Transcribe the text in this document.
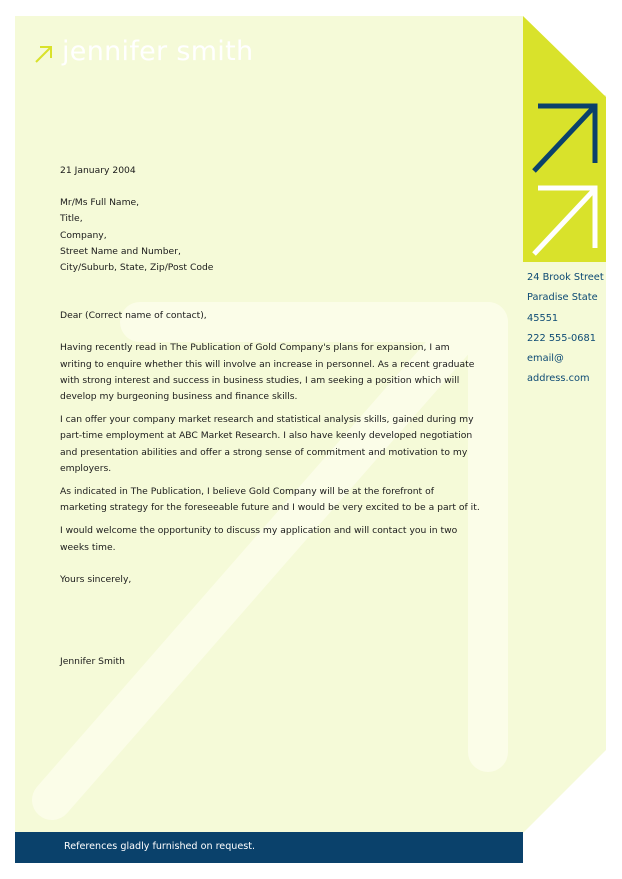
jennifer smith

21 January 2004

Mr/Ms Full Name,

Title,

Company,

Street Name and Number,

City/Suburb, State, Zip/Post Code

Dear (Correct name of contact),

Having recently read in The Publication of Gold Company's plans for expansion, I am writing to enquire whether this will involve an increase in personnel. As a recent graduate with strong interest and success in business studies, I am seeking a position which will develop my burgeoning business and finance skills.

I can offer your company market research and statistical analysis skills, gained during my part-time employment at ABC Market Research. I also have keenly developed negotiation and presentation abilities and offer a strong sense of commitment and motivation to my employers.

As indicated in The Publication, I believe Gold Company will be at the forefront of marketing strategy for the foreseeable future and I would be very excited to be a part of it.

I would welcome the opportunity to discuss my application and will contact you in two weeks time.

Yours sincerely,

Jennifer Smith

24 Brook Street
Paradise State
45551
222 555-0681
email@
address.com
References gladly furnished on request.
